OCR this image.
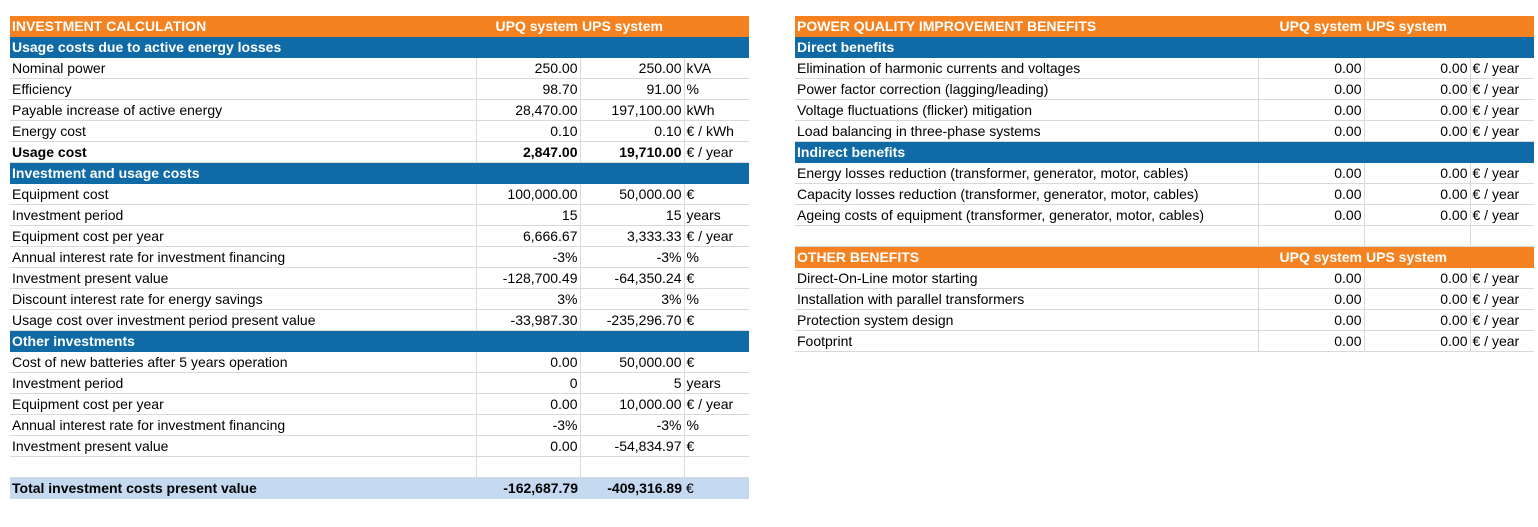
INVESTMENT CALCULATION	UPQ system	UPS system	
Usage costs due to active energy losses			
Nominal power	250.00	250.00	kVA
Efficiency	98.70	91.00	%
Payable increase of active energy	28,470.00	197,100.00	kWh
Energy cost	0.10	0.10	€ / kWh
Usage cost	2,847.00	19,710.00	€ / year
Investment and usage costs			
Equipment cost	100,000.00	50,000.00	€
Investment period	15	15	years
Equipment cost per year	6,666.67	3,333.33	€ / year
Annual interest rate for investment financing	-3%	-3%	%
Investment present value	-128,700.49	-64,350.24	€
Discount interest rate for energy savings	3%	3%	%
Usage cost over investment period present value	-33,987.30	-235,296.70	€
Other investments			
Cost of new batteries after 5 years operation	0.00	50,000.00	€
Investment period	0	5	years
Equipment cost per year	0.00	10,000.00	€ / year
Annual interest rate for investment financing	-3%	-3%	%
Investment present value	0.00	-54,834.97	€

Total investment costs present value	-162,687.79	-409,316.89	€
POWER QUALITY IMPROVEMENT BENEFITS	UPQ system	UPS system	
Direct benefits			
Elimination of harmonic currents and voltages	0.00	0.00	€ / year
Power factor correction (lagging/leading)	0.00	0.00	€ / year
Voltage fluctuations (flicker) mitigation	0.00	0.00	€ / year
Load balancing in three-phase systems	0.00	0.00	€ / year
Indirect benefits			
Energy losses reduction (transformer, generator, motor, cables)	0.00	0.00	€ / year
Capacity losses reduction (transformer, generator, motor, cables)	0.00	0.00	€ / year
Ageing costs of equipment (transformer, generator, motor, cables)	0.00	0.00	€ / year

OTHER BENEFITS	UPQ system	UPS system	
Direct-On-Line motor starting	0.00	0.00	€ / year
Installation with parallel transformers	0.00	0.00	€ / year
Protection system design	0.00	0.00	€ / year
Footprint	0.00	0.00	€ / year
